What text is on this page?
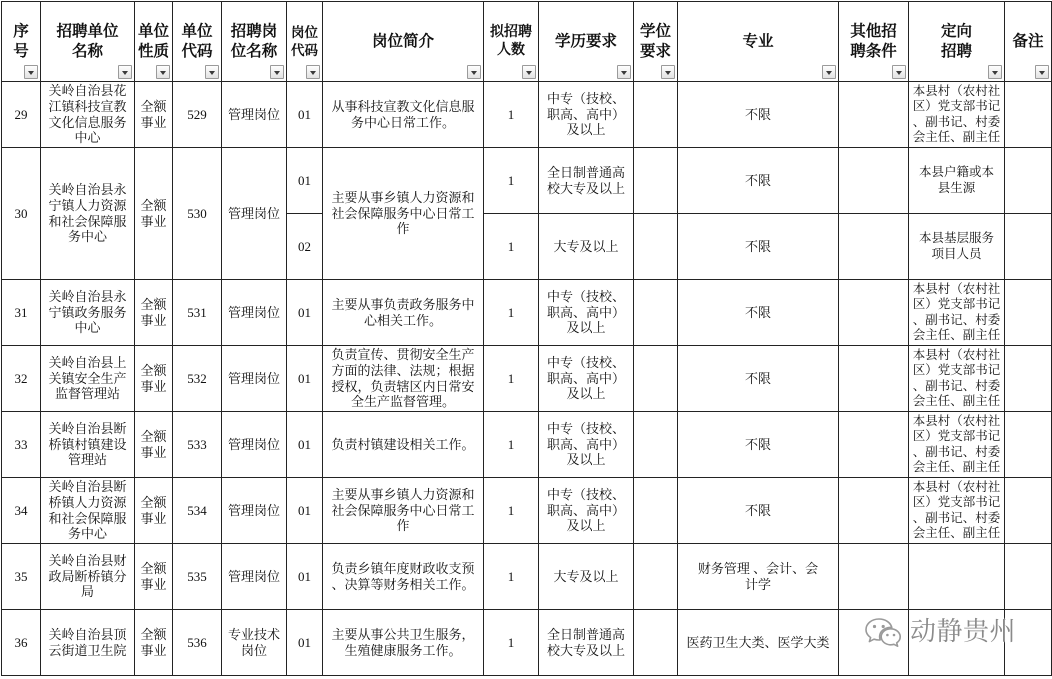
序
号	招聘单位
名称	单位
性质	单位
代码	招聘岗
位名称	岗位
代码	岗位简介	拟招聘
人数	学历要求	学位
要求	专业	其他招
聘条件	定向
招聘	备注

29	关岭自治县花
江镇科技宣教
文化信息服务
中心	全额
事业	529	管理岗位	01	从事科技宣教文化信息服
务中心日常工作。	1	中专（技校、
职高、高中）
及以上		不限		本县村（农村社
区）党支部书记
、副书记、村委
会主任、副主任	
30	关岭自治县永
宁镇人力资源
和社会保障服
务中心	全额
事业	530	管理岗位	01	主要从事乡镇人力资源和
社会保障服务中心日常工
作	1	全日制普通高
校大专及以上		不限		本县户籍或本
县生源	
					02		1	大专及以上		不限		本县基层服务
项目人员	
31	关岭自治县永
宁镇政务服务
中心	全额
事业	531	管理岗位	01	主要从事负责政务服务中
心相关工作。	1	中专（技校、
职高、高中）
及以上		不限		本县村（农村社
区）党支部书记
、副书记、村委
会主任、副主任	
32	关岭自治县上
关镇安全生产
监督管理站	全额
事业	532	管理岗位	01	负责宣传、贯彻安全生产
方面的法律、法规；根据
授权，负责辖区内日常安
全生产监督管理。	1	中专（技校、
职高、高中）
及以上		不限		本县村（农村社
区）党支部书记
、副书记、村委
会主任、副主任	
33	关岭自治县断
桥镇村镇建设
管理站	全额
事业	533	管理岗位	01	负责村镇建设相关工作。	1	中专（技校、
职高、高中）
及以上		不限		本县村（农村社
区）党支部书记
、副书记、村委
会主任、副主任	
34	关岭自治县断
桥镇人力资源
和社会保障服
务中心	全额
事业	534	管理岗位	01	主要从事乡镇人力资源和
社会保障服务中心日常工
作	1	中专（技校、
职高、高中）
及以上		不限		本县村（农村社
区）党支部书记
、副书记、村委
会主任、副主任	
35	关岭自治县财
政局断桥镇分
局	全额
事业	535	管理岗位	01	负责乡镇年度财政收支预
、决算等财务相关工作。	1	大专及以上		财务管理 、会计、会
计学			
36	关岭自治县顶
云街道卫生院	全额
事业	536	专业技术
岗位	01	主要从事公共卫生服务，
生殖健康服务工作。	1	全日制普通高
校大专及以上		医药卫生大类、医学大类				动静贵州
